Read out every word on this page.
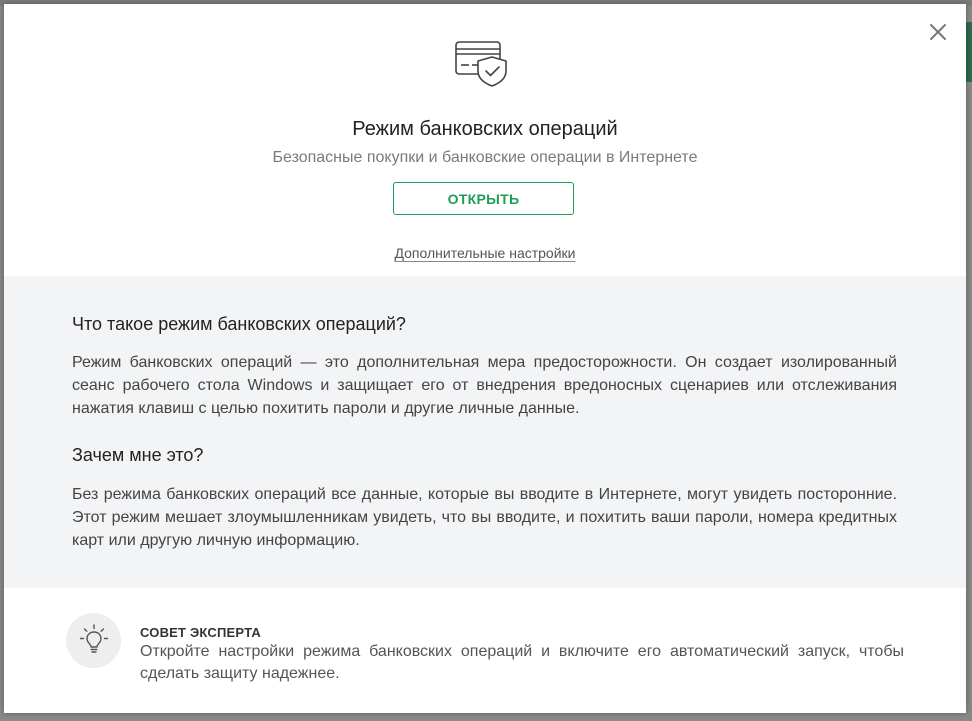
Режим банковских операций
Безопасные покупки и банковские операции в Интернете
ОТКРЫТЬ
Дополнительные настройки
Что такое режим банковских операций?

Режим банковских операций — это дополнительная мера предосторожности. Он создает изолированный сеанс рабочего стола Windows и защищает его от внедрения вредоносных сценариев или отслеживания нажатия клавиш с целью похитить пароли и другие личные данные.

Зачем мне это?

Без режима банковских операций все данные, которые вы вводите в Интернете, могут увидеть посторонние. Этот режим мешает злоумышленникам увидеть, что вы вводите, и похитить ваши пароли, номера кредитных карт или другую личную информацию.

СОВЕТ ЭКСПЕРТА
Откройте настройки режима банковских операций и включите его автоматический запуск, чтобы сделать защиту надежнее.
